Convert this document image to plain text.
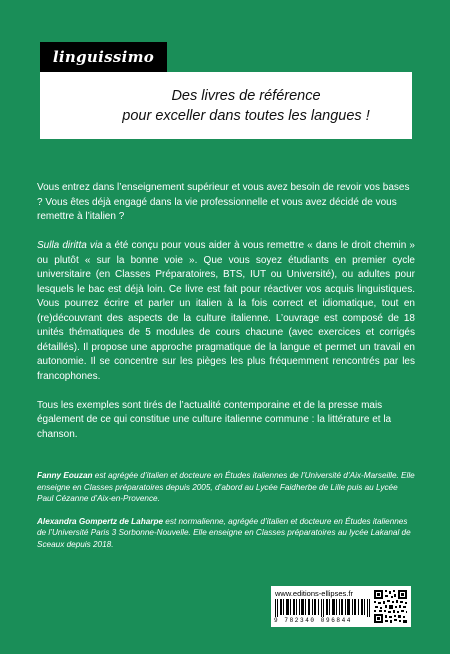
linguissimo
Des livres de référence
pour exceller dans toutes les langues !

Vous entrez dans l’enseignement supérieur et vous avez besoin de revoir vos bases ? Vous êtes déjà engagé dans la vie professionnelle et vous avez décidé de vous remettre à l’italien ?

Sulla diritta via a été conçu pour vous aider à vous remettre « dans le droit chemin » ou plutôt « sur la bonne voie ». Que vous soyez étudiants en premier cycle universitaire (en Classes Préparatoires, BTS, IUT ou Université), ou adultes pour lesquels le bac est déjà loin. Ce livre est fait pour réactiver vos acquis linguistiques. Vous pourrez écrire et parler un italien à la fois correct et idiomatique, tout en (re)découvrant des aspects de la culture italienne. L’ouvrage est composé de 18 unités thématiques de 5 modules de cours chacune (avec exercices et corrigés détaillés). Il propose une approche pragmatique de la langue et permet un travail en autonomie. Il se concentre sur les pièges les plus fréquemment rencontrés par les francophones.

Tous les exemples sont tirés de l’actualité contemporaine et de la presse mais également de ce qui constitue une culture italienne commune : la littérature et la chanson.

Fanny Eouzan est agrégée d’italien et docteure en Études italiennes de l’Université d’Aix-Marseille. Elle enseigne en Classes préparatoires depuis 2005, d’abord au Lycée Faidherbe de Lille puis au Lycée Paul Cézanne d’Aix-en-Provence.

Alexandra Gompertz de Laharpe est normalienne, agrégée d’italien et docteure en Études italiennes de l’Université Paris 3 Sorbonne-Nouvelle. Elle enseigne en Classes préparatoires au lycée Lakanal de Sceaux depuis 2018.

www.editions-ellipses.fr
9 782340 096844
